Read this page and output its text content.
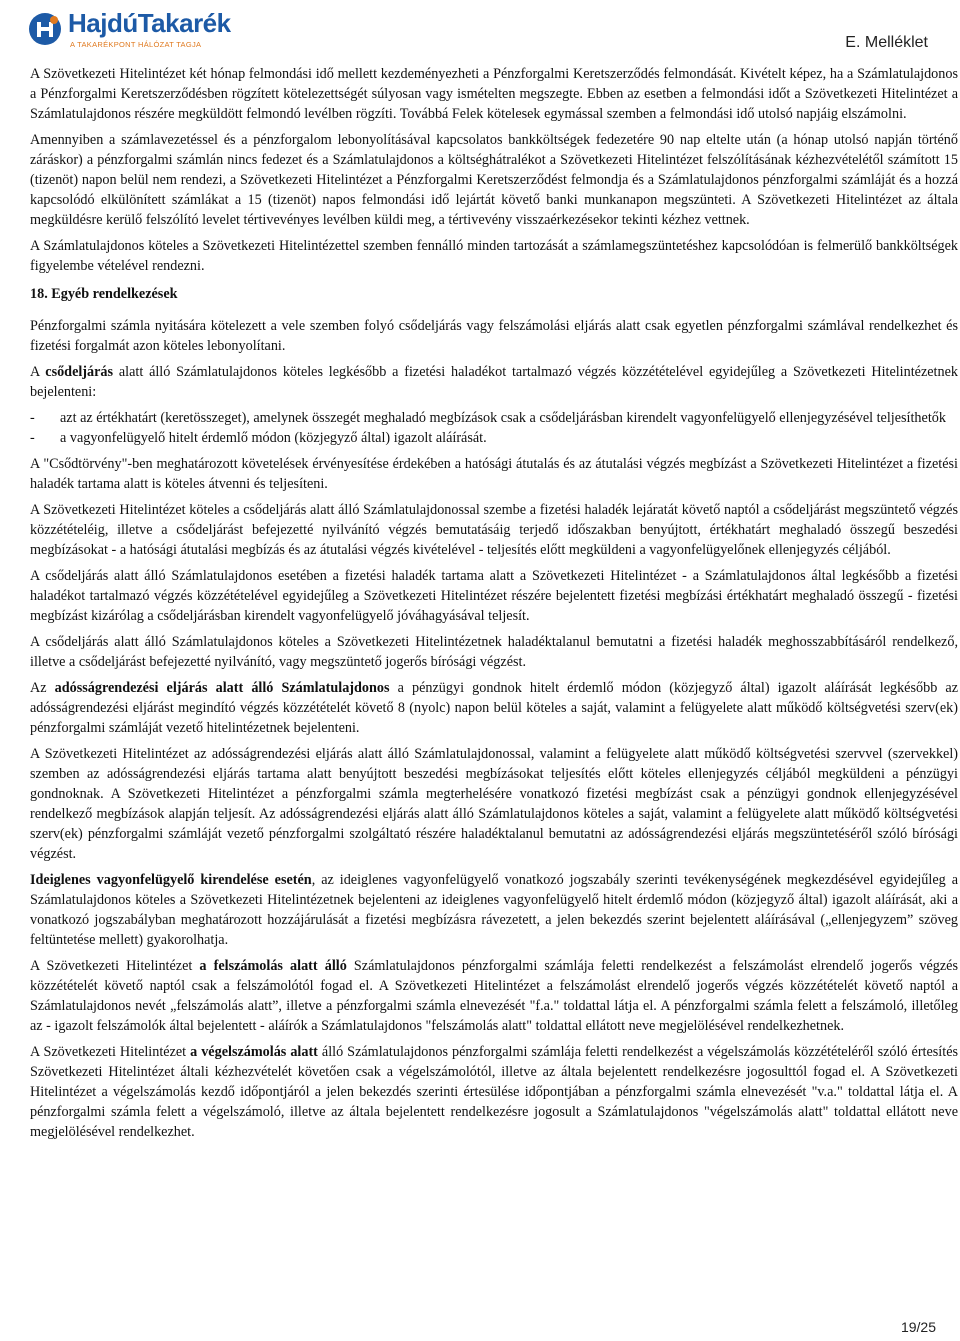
HajdúTakarék
A TAKARÉKPONT HÁLÓZAT TAGJA	E. Melléklet

A Szövetkezeti Hitelintézet két hónap felmondási idő mellett kezdeményezheti a Pénzforgalmi Keretszerződés felmondását. Kivételt képez, ha a Számlatulajdonos a Pénzforgalmi Keretszerződésben rögzített kötelezettségét súlyosan vagy ismételten megszegte. Ebben az esetben a felmondási időt a Szövetkezeti Hitelintézet a Számlatulajdonos részére megküldött felmondó levélben rögzíti. Továbbá Felek kötelesek egymással szemben a felmondási idő utolsó napjáig elszámolni.

Amennyiben a számlavezetéssel és a pénzforgalom lebonyolításával kapcsolatos bankköltségek fedezetére 90 nap eltelte után (a hónap utolsó napján történő záráskor) a pénzforgalmi számlán nincs fedezet és a Számlatulajdonos a költséghátralékot a Szövetkezeti Hitelintézet felszólításának kézhezvételétől számított 15 (tizenöt) napon belül nem rendezi, a Szövetkezeti Hitelintézet a Pénzforgalmi Keretszerződést felmondja és a Számlatulajdonos pénzforgalmi számláját és a hozzá kapcsolódó elkülönített számlákat a 15 (tizenöt) napos felmondási idő lejártát követő banki munkanapon megszünteti. A Szövetkezeti Hitelintézet az általa megküldésre kerülő felszólító levelet tértivevényes levélben küldi meg, a tértivevény visszaérkezésekor tekinti kézhez vettnek.

A Számlatulajdonos köteles a Szövetkezeti Hitelintézettel szemben fennálló minden tartozását a számlamegszüntetéshez kapcsolódóan is felmerülő bankköltségek figyelembe vételével rendezni.

18. Egyéb rendelkezések

Pénzforgalmi számla nyitására kötelezett a vele szemben folyó csődeljárás vagy felszámolási eljárás alatt csak egyetlen pénzforgalmi számlával rendelkezhet és fizetési forgalmát azon köteles lebonyolítani.

A csődeljárás alatt álló Számlatulajdonos köteles legkésőbb a fizetési haladékot tartalmazó végzés közzétételével egyidejűleg a Szövetkezeti Hitelintézetnek bejelenteni:

-	azt az értékhatárt (keretösszeget), amelynek összegét meghaladó megbízások csak a csődeljárásban kirendelt vagyonfelügyelő ellenjegyzésével teljesíthetők
-	a vagyonfelügyelő hitelt érdemlő módon (közjegyző által) igazolt aláírását.

A "Csődtörvény"-ben meghatározott követelések érvényesítése érdekében a hatósági átutalás és az átutalási végzés megbízást a Szövetkezeti Hitelintézet a fizetési haladék tartama alatt is köteles átvenni és teljesíteni.

A Szövetkezeti Hitelintézet köteles a csődeljárás alatt álló Számlatulajdonossal szembe a fizetési haladék lejáratát követő naptól a csődeljárást megszüntető végzés közzétételéig, illetve a csődeljárást befejezetté nyilvánító végzés bemutatásáig terjedő időszakban benyújtott, értékhatárt meghaladó összegű beszedési megbízásokat - a hatósági átutalási megbízás és az átutalási végzés kivételével - teljesítés előtt megküldeni a vagyonfelügyelőnek ellenjegyzés céljából.

A csődeljárás alatt álló Számlatulajdonos esetében a fizetési haladék tartama alatt a Szövetkezeti Hitelintézet - a Számlatulajdonos által legkésőbb a fizetési haladékot tartalmazó végzés közzétételével egyidejűleg a Szövetkezeti Hitelintézet részére bejelentett fizetési megbízási értékhatárt meghaladó összegű - fizetési megbízást kizárólag a csődeljárásban kirendelt vagyonfelügyelő jóváhagyásával teljesít.

A csődeljárás alatt álló Számlatulajdonos köteles a Szövetkezeti Hitelintézetnek haladéktalanul bemutatni a fizetési haladék meghosszabbításáról rendelkező, illetve a csődeljárást befejezetté nyilvánító, vagy megszüntető jogerős bírósági végzést.

Az adósságrendezési eljárás alatt álló Számlatulajdonos a pénzügyi gondnok hitelt érdemlő módon (közjegyző által) igazolt aláírását legkésőbb az adósságrendezési eljárást megindító végzés közzétételét követő 8 (nyolc) napon belül köteles a saját, valamint a felügyelete alatt működő költségvetési szerv(ek) pénzforgalmi számláját vezető hitelintézetnek bejelenteni.

A Szövetkezeti Hitelintézet az adósságrendezési eljárás alatt álló Számlatulajdonossal, valamint a felügyelete alatt működő költségvetési szervvel (szervekkel) szemben az adósságrendezési eljárás tartama alatt benyújtott beszedési megbízásokat teljesítés előtt köteles ellenjegyzés céljából megküldeni a pénzügyi gondnoknak. A Szövetkezeti Hitelintézet a pénzforgalmi számla megterhelésére vonatkozó fizetési megbízást csak a pénzügyi gondnok ellenjegyzésével rendelkező megbízások alapján teljesít. Az adósságrendezési eljárás alatt álló Számlatulajdonos köteles a saját, valamint a felügyelete alatt működő költségvetési szerv(ek) pénzforgalmi számláját vezető pénzforgalmi szolgáltató részére haladéktalanul bemutatni az adósságrendezési eljárás megszüntetéséről szóló bírósági végzést.

Ideiglenes vagyonfelügyelő kirendelése esetén, az ideiglenes vagyonfelügyelő vonatkozó jogszabály szerinti tevékenységének megkezdésével egyidejűleg a Számlatulajdonos köteles a Szövetkezeti Hitelintézetnek bejelenteni az ideiglenes vagyonfelügyelő hitelt érdemlő módon (közjegyző által) igazolt aláírását, aki a vonatkozó jogszabályban meghatározott hozzájárulását a fizetési megbízásra rávezetett, a jelen bekezdés szerint bejelentett aláírásával („ellenjegyzem” szöveg feltüntetése mellett) gyakorolhatja.

A Szövetkezeti Hitelintézet a felszámolás alatt álló Számlatulajdonos pénzforgalmi számlája feletti rendelkezést a felszámolást elrendelő jogerős végzés közzétételét követő naptól csak a felszámolótól fogad el. A Szövetkezeti Hitelintézet a felszámolást elrendelő jogerős végzés közzétételét követő naptól a Számlatulajdonos nevét „felszámolás alatt”, illetve a pénzforgalmi számla elnevezését "f.a." toldattal látja el. A pénzforgalmi számla felett a felszámoló, illetőleg az - igazolt felszámolók által bejelentett - aláírók a Számlatulajdonos "felszámolás alatt" toldattal ellátott neve megjelölésével rendelkezhetnek.

A Szövetkezeti Hitelintézet a végelszámolás alatt álló Számlatulajdonos pénzforgalmi számlája feletti rendelkezést a végelszámolás közzétételéről szóló értesítés Szövetkezeti Hitelintézet általi kézhezvételét követően csak a végelszámolótól, illetve az általa bejelentett rendelkezésre jogosulttól fogad el. A Szövetkezeti Hitelintézet a végelszámolás kezdő időpontjáról a jelen bekezdés szerinti értesülése időpontjában a pénzforgalmi számla elnevezését "v.a." toldattal látja el. A pénzforgalmi számla felett a végelszámoló, illetve az általa bejelentett rendelkezésre jogosult a Számlatulajdonos "végelszámolás alatt" toldattal ellátott neve megjelölésével rendelkezhet.

19/25
